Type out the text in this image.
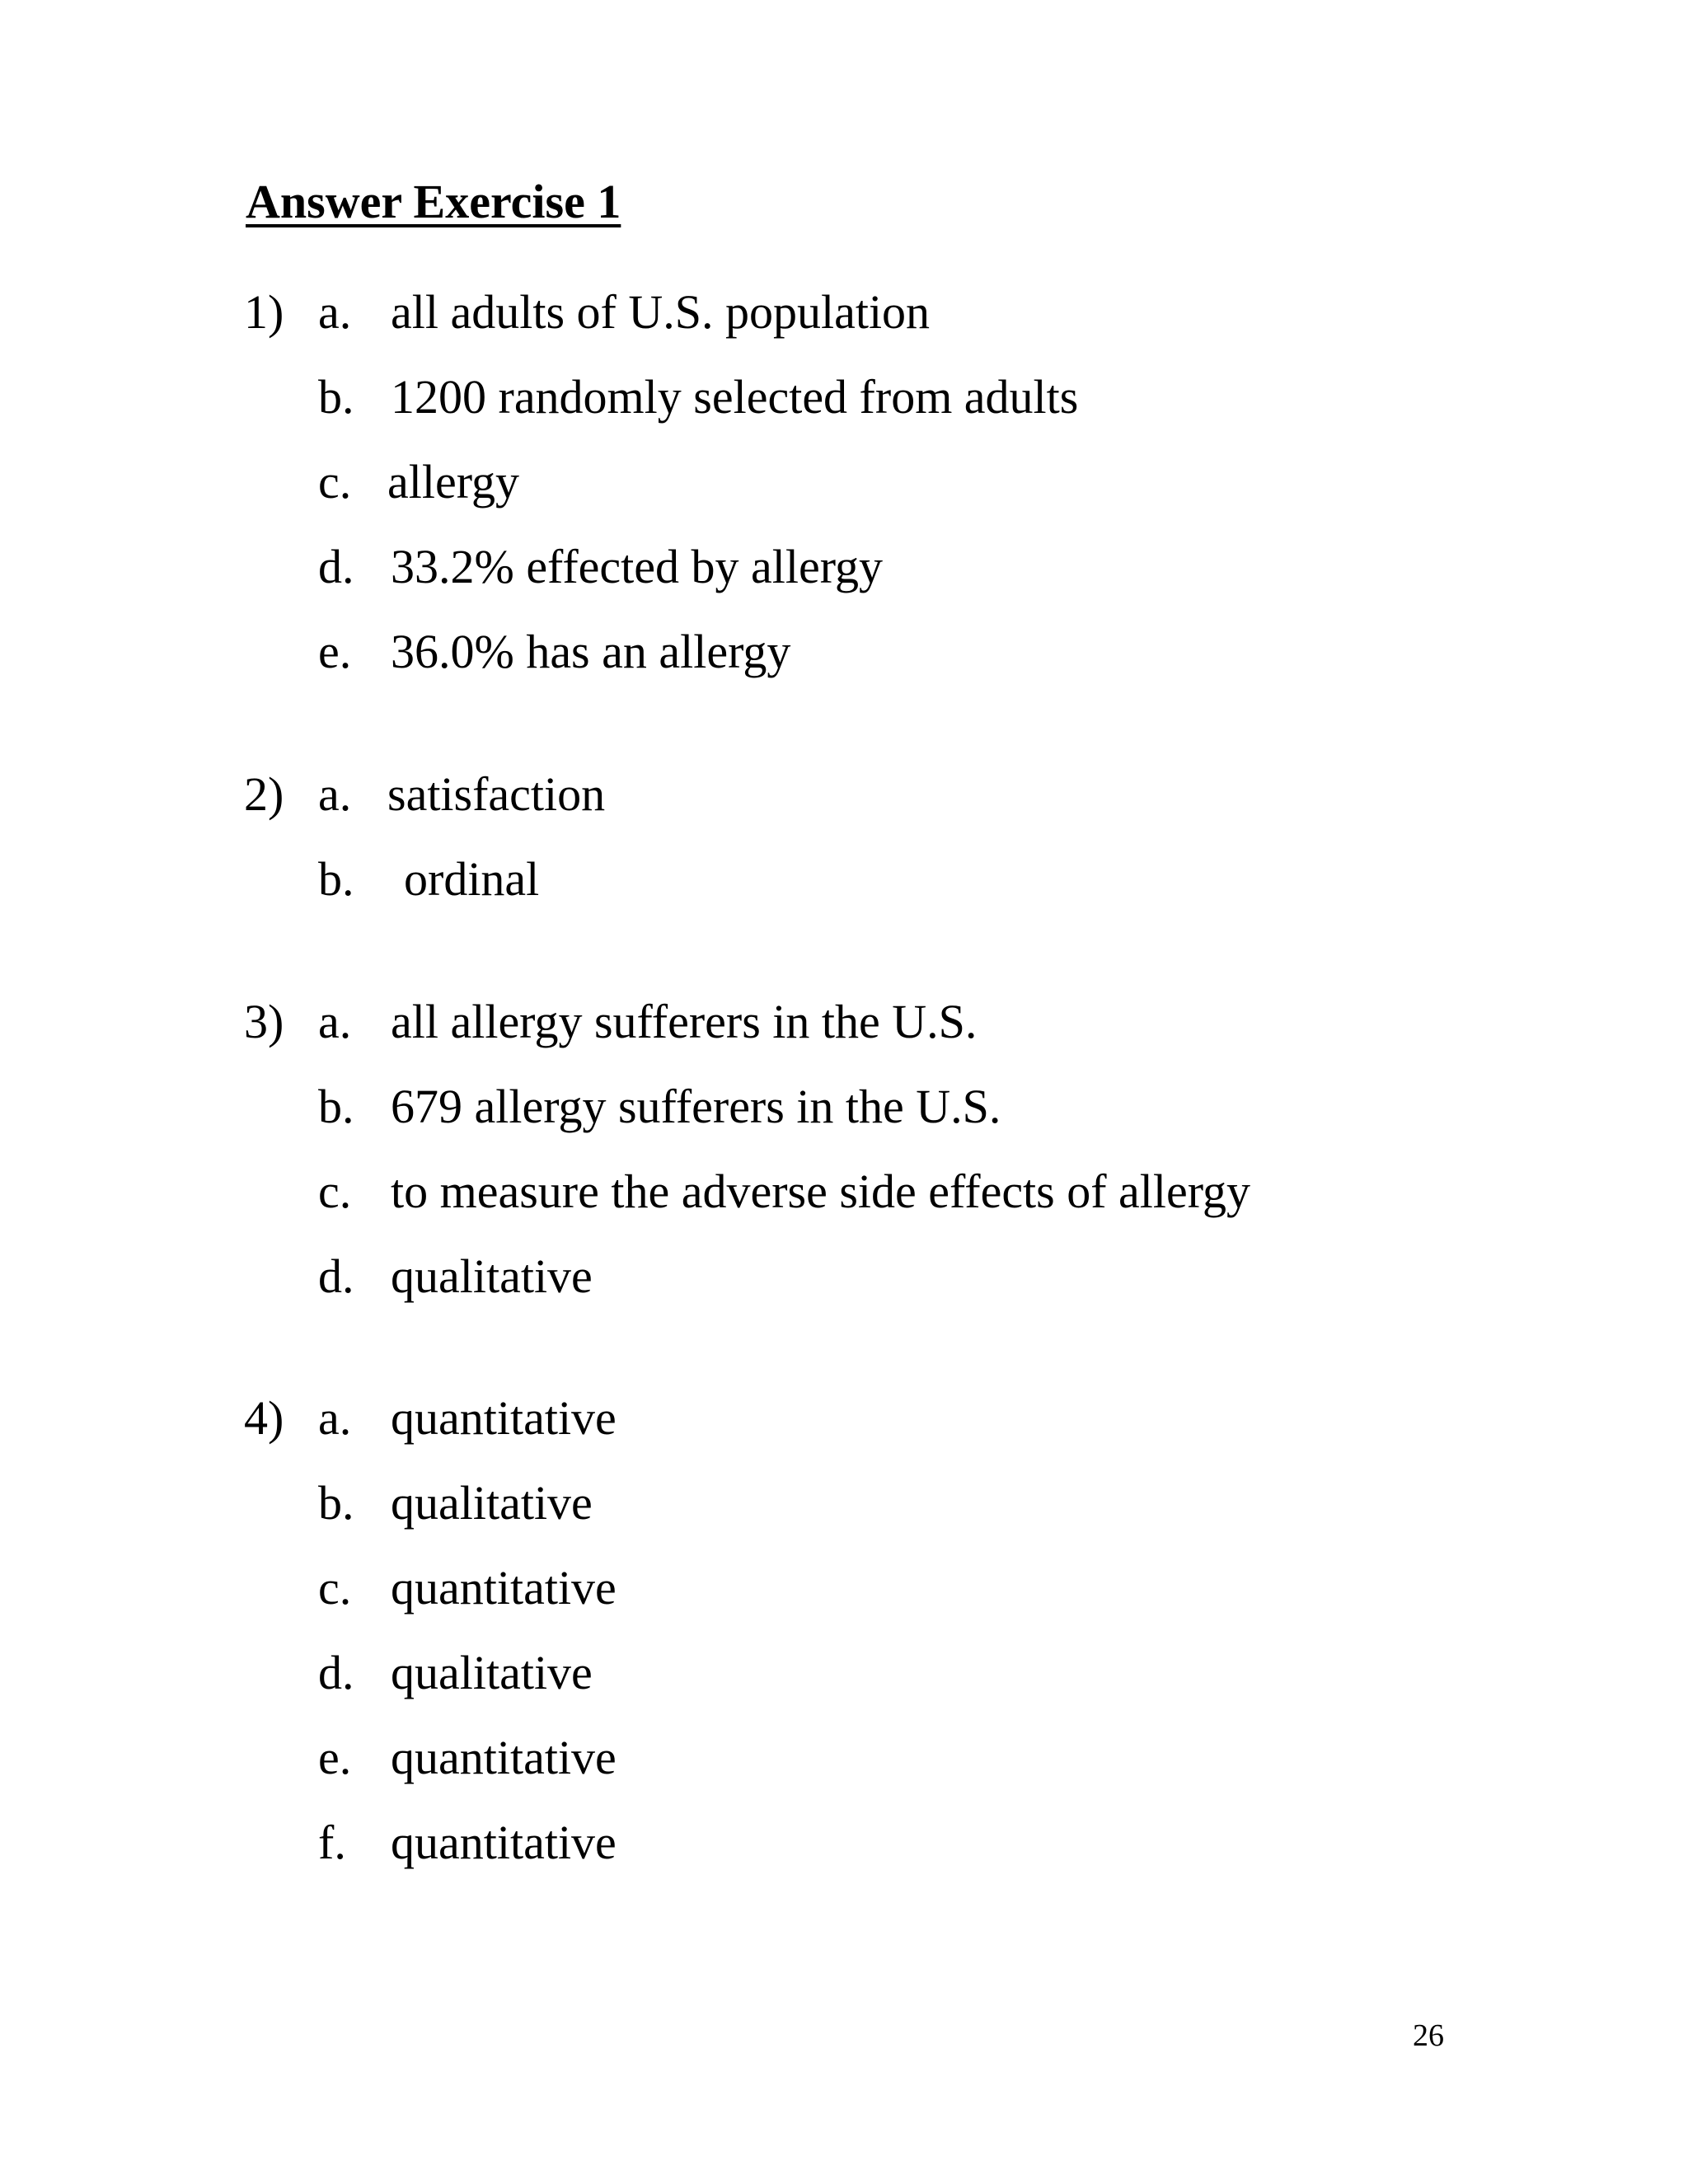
Answer Exercise 1
1) a. all adults of U.S. population
b. 1200 randomly selected from adults
c. allergy
d. 33.2% effected by allergy
e. 36.0% has an allergy
2) a. satisfaction
b. ordinal
3) a. all allergy sufferers in the U.S.
b. 679 allergy sufferers in the U.S.
c. to measure the adverse side effects of allergy
d. qualitative
4) a. quantitative
b. qualitative
c. quantitative
d. qualitative
e. quantitative
f. quantitative
26
